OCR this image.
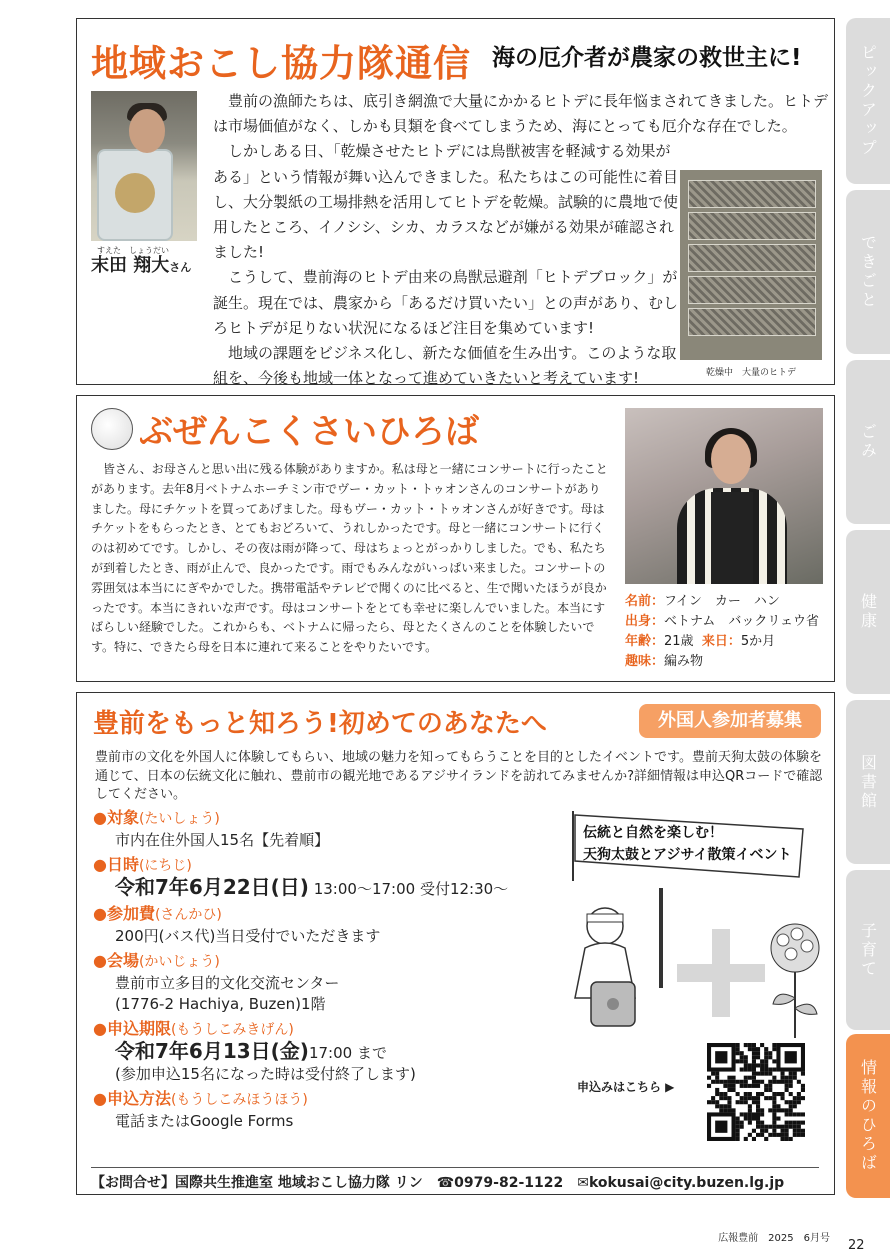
地域おこし協力隊通信 海の厄介者が農家の救世主に!
すえた　しょうだい
末田 翔大さん

豊前の漁師たちは、底引き網漁で大量にかかるヒトデに長年悩まされてきました。ヒトデは市場価値がなく、しかも貝類を食べてしまうため、海にとっても厄介な存在でした。

しかしある日、「乾燥させたヒトデには鳥獣被害を軽減する効果がある」という情報が舞い込んできました。私たちはこの可能性に着目し、大分製紙の工場排熱を活用してヒトデを乾燥。試験的に農地で使用したところ、イノシシ、シカ、カラスなどが嫌がる効果が確認されました!

こうして、豊前海のヒトデ由来の鳥獣忌避剤「ヒトデブロック」が誕生。現在では、農家から「あるだけ買いたい」との声があり、むしろヒトデが足りない状況になるほど注目を集めています!

地域の課題をビジネス化し、新たな価値を生み出す。このような取組を、今後も地域一体となって進めていきたいと考えています!	乾燥中　大量のヒトデ
ぶぜんこくさいひろば

皆さん、お母さんと思い出に残る体験がありますか。私は母と一緒にコンサートに行ったことがあります。去年8月ベトナムホーチミン市でヴー・カット・トゥオンさんのコンサートがありました。母にチケットを買ってあげました。母もヴー・カット・トゥオンさんが好きです。母はチケットをもらったとき、とてもおどろいて、うれしかったです。母と一緒にコンサートに行くのは初めてです。しかし、その夜は雨が降って、母はちょっとがっかりしました。でも、私たちが到着したとき、雨が止んで、良かったです。雨でもみんながいっぱい来ました。コンサートの雰囲気は本当ににぎやかでした。携帯電話やテレビで聞くのに比べると、生で聞いたほうが良かったです。本当にきれいな声です。母はコンサートをとても幸せに楽しんでいました。本当にすばらしい経験でした。これからも、ベトナムに帰ったら、母とたくさんのことを体験したいです。特に、できたら母を日本に連れて来ることをやりたいです。

名前：フイン　カー　ハン
出身：ベトナム　バックリェウ省
年齢：21歳 来日：5か月
趣味：編み物
豊前をもっと知ろう!初めてのあなたへ	外国人参加者募集
豊前市の文化を外国人に体験してもらい、地域の魅力を知ってもらうことを目的としたイベントです。豊前天狗太鼓の体験を通じて、日本の伝統文化に触れ、豊前市の観光地であるアジサイランドを訪れてみませんか?詳細情報は申込QRコードで確認してください。
●対象(たいしょう)
市内在住外国人15名【先着順】
●日時(にちじ)
令和7年6月22日(日) 13:00～17:00 受付12:30～
●参加費(さんかひ)
200円(バス代)当日受付でいただきます
●会場(かいじょう)
豊前市立多目的文化交流センター
(1776-2 Hachiya, Buzen)1階
●申込期限(もうしこみきげん)
令和7年6月13日(金)17:00 まで
(参加申込15名になった時は受付終了します)
●申込方法(もうしこみほうほう)
電話またはGoogle Forms
伝統と自然を楽しむ！
天狗太鼓とアジサイ散策イベント
申込みはこちら ▶
【お問合せ】国際共生推進室 地域おこし協力隊 リン　☎0979-82-1122　✉kokusai@city.buzen.lg.jp
ピックアップ
できごと
ごみ
健康
図書館
子育て
情報のひろば
広報豊前　2025　6月号 22
